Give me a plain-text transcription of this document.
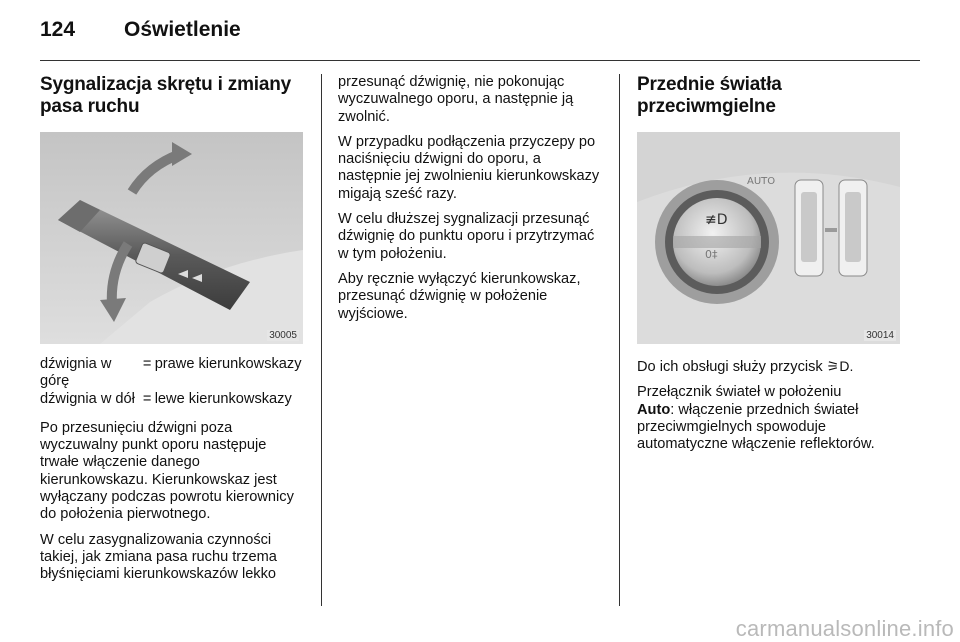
124 Oświetlenie
Sygnalizacja skrętu i zmiany pasa ruchu
30005
dźwignia w górę
= prawe kierunkowskazy
dźwignia w dół = lewe kierunkowskazy

Po przesunięciu dźwigni poza wyczuwalny punkt oporu następuje trwałe włączenie danego kierunkowskazu. Kierunkowskaz jest wyłączany podczas powrotu kierownicy do położenia pierwotnego.

W celu zasygnalizowania czynności takiej, jak zmiana pasa ruchu trzema błyśnięciami kierunkowskazów lekko

przesunąć dźwignię, nie pokonując wyczuwalnego oporu, a następnie ją zwolnić.

W przypadku podłączenia przyczepy po naciśnięciu dźwigni do oporu, a następnie jej zwolnieniu kierunkowskazy migają sześć razy.

W celu dłuższej sygnalizacji przesunąć dźwignię do punktu oporu i przytrzymać w tym położeniu.

Aby ręcznie wyłączyć kierunkowskaz, przesunąć dźwignię w położenie wyjściowe.

Przednie światła przeciwmgielne
≢D
0‡
AUTO
30014

Do ich obsługi służy przycisk ⚞D.

Przełącznik świateł w położeniu
Auto: włączenie przednich świateł przeciwmgielnych spowoduje automatyczne włączenie reflektorów.

carmanualsonline.info
